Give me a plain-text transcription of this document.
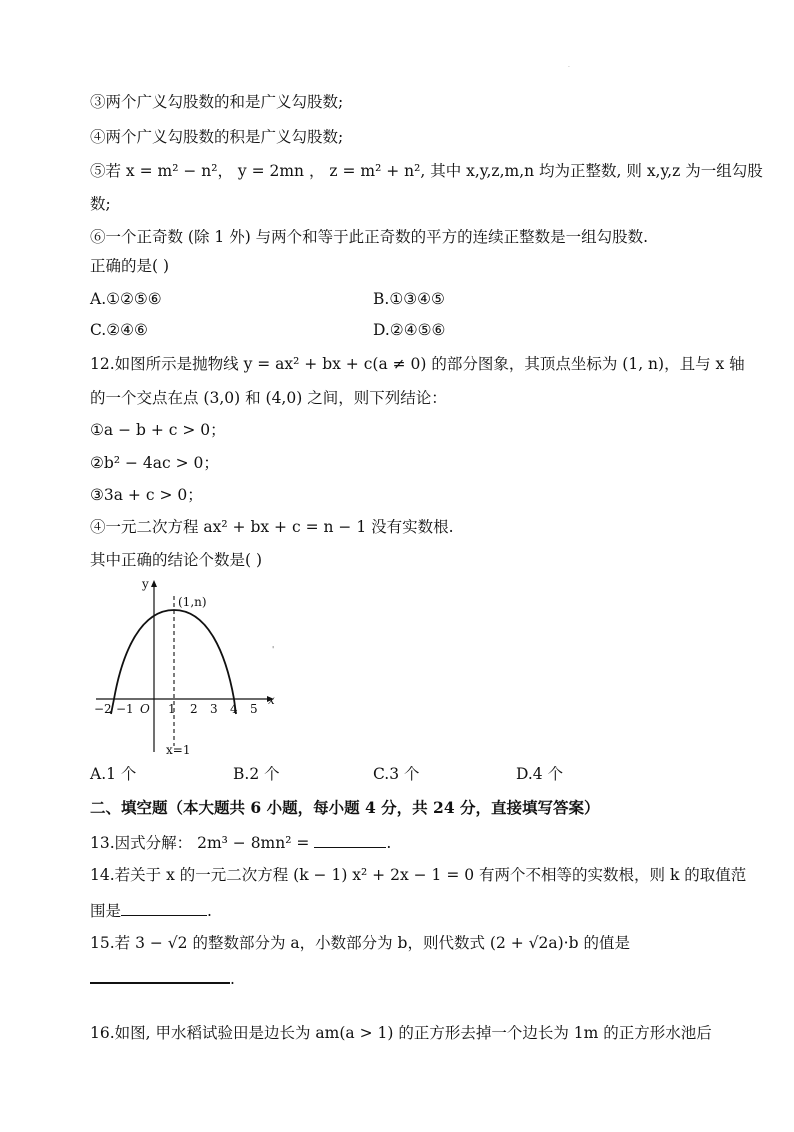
·
③两个广义勾股数的和是广义勾股数;
④两个广义勾股数的积是广义勾股数;
⑤若 x = m² − n²， y = 2mn ， z = m² + n², 其中 x,y,z,m,n 均为正整数, 则 x,y,z 为一组勾股
数;
⑥一个正奇数 (除 1 外) 与两个和等于此正奇数的平方的连续正整数是一组勾股数.
正确的是( )
A.①②⑤⑥	B.①③④⑤
C.②④⑥	D.②④⑤⑥
12.如图所示是抛物线 y = ax² + bx + c(a ≠ 0) 的部分图象，其顶点坐标为 (1, n)，且与 x 轴
的一个交点在点 (3,0) 和 (4,0) 之间，则下列结论：
①a − b + c > 0；
②b² − 4ac > 0；
③3a + c > 0；
④一元二次方程 ax² + bx + c = n − 1 没有实数根.
其中正确的结论个数是( )
y
x
(1,n)
x=1
O
−2 −1	1 2 3 4 5
'
A.1 个	B.2 个	C.3 个	D.4 个
二、填空题（本大题共 6 小题，每小题 4 分，共 24 分，直接填写答案）
13.因式分解： 2m³ − 8mn² =	.
14.若关于 x 的一元二次方程 (k − 1) x² + 2x − 1 = 0 有两个不相等的实数根，则 k 的取值范
围是	.
15.若 3 − √2 的整数部分为 a，小数部分为 b，则代数式 (2 + √2a)·b 的值是
.
16.如图, 甲水稻试验田是边长为 am(a > 1) 的正方形去掉一个边长为 1m 的正方形水池后
